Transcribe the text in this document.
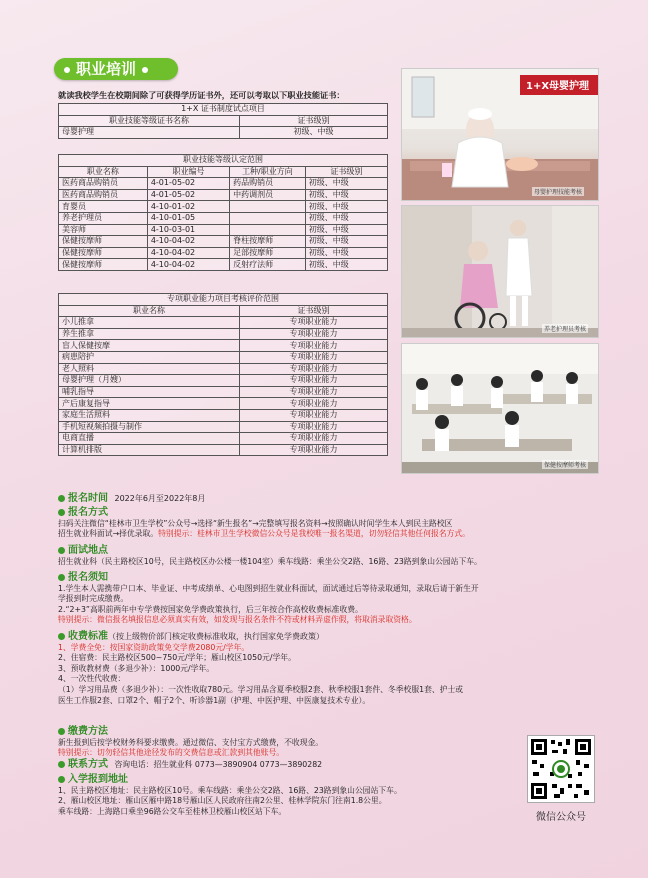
职业培训
就读我校学生在校期间除了可获得学历证书外，还可以考取以下职业技能证书：
1+X 证书制度试点项目	
职业技能等级证书名称	证书级别
母婴护理	初级、中级
职业技能等级认定范围			
职业名称	职业编号	工种/职业方向	证书级别
医药商品购销员	4-01-05-02	药品购销员	初级、中级
医药商品购销员	4-01-05-02	中药调剂员	初级、中级
育婴员	4-10-01-02		初级、中级
养老护理员	4-10-01-05		初级、中级
美容师	4-10-03-01		初级、中级
保健按摩师	4-10-04-02	脊柱按摩师	初级、中级
保健按摩师	4-10-04-02	足部按摩师	初级、中级
保健按摩师	4-10-04-02	反射疗法师	初级、中级
专项职业能力项目考核评价范围	
职业名称	证书级别
小儿推拿	专项职业能力
养生推拿	专项职业能力
盲人保健按摩	专项职业能力
病患陪护	专项职业能力
老人照料	专项职业能力
母婴护理（月嫂）	专项职业能力
哺乳指导	专项职业能力
产后康复指导	专项职业能力
家庭生活照料	专项职业能力
手机短视频拍摄与制作	专项职业能力
电商直播	专项职业能力
计算机排版	专项职业能力
1+X母婴护理
母婴护理技能考核
养老护理员考核
保健按摩师考核
报名时间 2022年6月至2022年8月
报名方式
扫码关注微信“桂林市卫生学校”公众号→选择“新生报名”→完整填写报名资料→按照确认时间学生本人到民主路校区
招生就业科面试→择优录取。特别提示：桂林市卫生学校微信公众号是我校唯一报名渠道，切勿轻信其他任何报名方式。
面试地点
招生就业科（民主路校区10号，民主路校区办公楼一楼104室）乘车线路：乘坐公交2路、16路、23路到象山公园站下车。
报名须知
1.学生本人需携带户口本、毕业证、中考成绩单、心电图到招生就业科面试，面试通过后等待录取通知，录取后请于新生开
学报到时完成缴费。
2.“2+3”高职前两年中专学费按国家免学费政策执行，后三年按合作高校收费标准收费。
特别提示：微信报名填报信息必须真实有效，如发现与报名条件不符或材料弄虚作假，将取消录取资格。
收费标准（按上级物价部门核定收费标准收取，执行国家免学费政策）
1、学费全免：按国家资助政策免交学费2080元/学年。
2、住宿费：民主路校区500~750元/学年；雁山校区1050元/学年。
3、预收教材费（多退少补）：1000元/学年。
4、一次性代收费：
（1）学习用品费（多退少补）：一次性收取780元。学习用品含夏季校服2套、秋季校服1套件、冬季校服1套、护士或
医生工作服2套、口罩2个、帽子2个、听诊器1副（护理、中医护理、中医康复技术专业）。
缴费方法
新生报到后按学校财务科要求缴费。通过微信、支付宝方式缴费，不收现金。
特别提示：切勿轻信其他途径发布的交费信息或汇款到其他账号。
联系方式 咨询电话：招生就业科 0773—3890904 0773—3890282
入学报到地址
1、民主路校区地址：民主路校区10号。乘车线路：乘坐公交2路、16路、23路到象山公园站下车。
2、雁山校区地址：雁山区雁中路18号雁山区人民政府往南2公里、桂林学院东门往南1.8公里。
乘车线路：上海路口乘坐96路公交车至桂林卫校雁山校区站下车。
微信公众号
